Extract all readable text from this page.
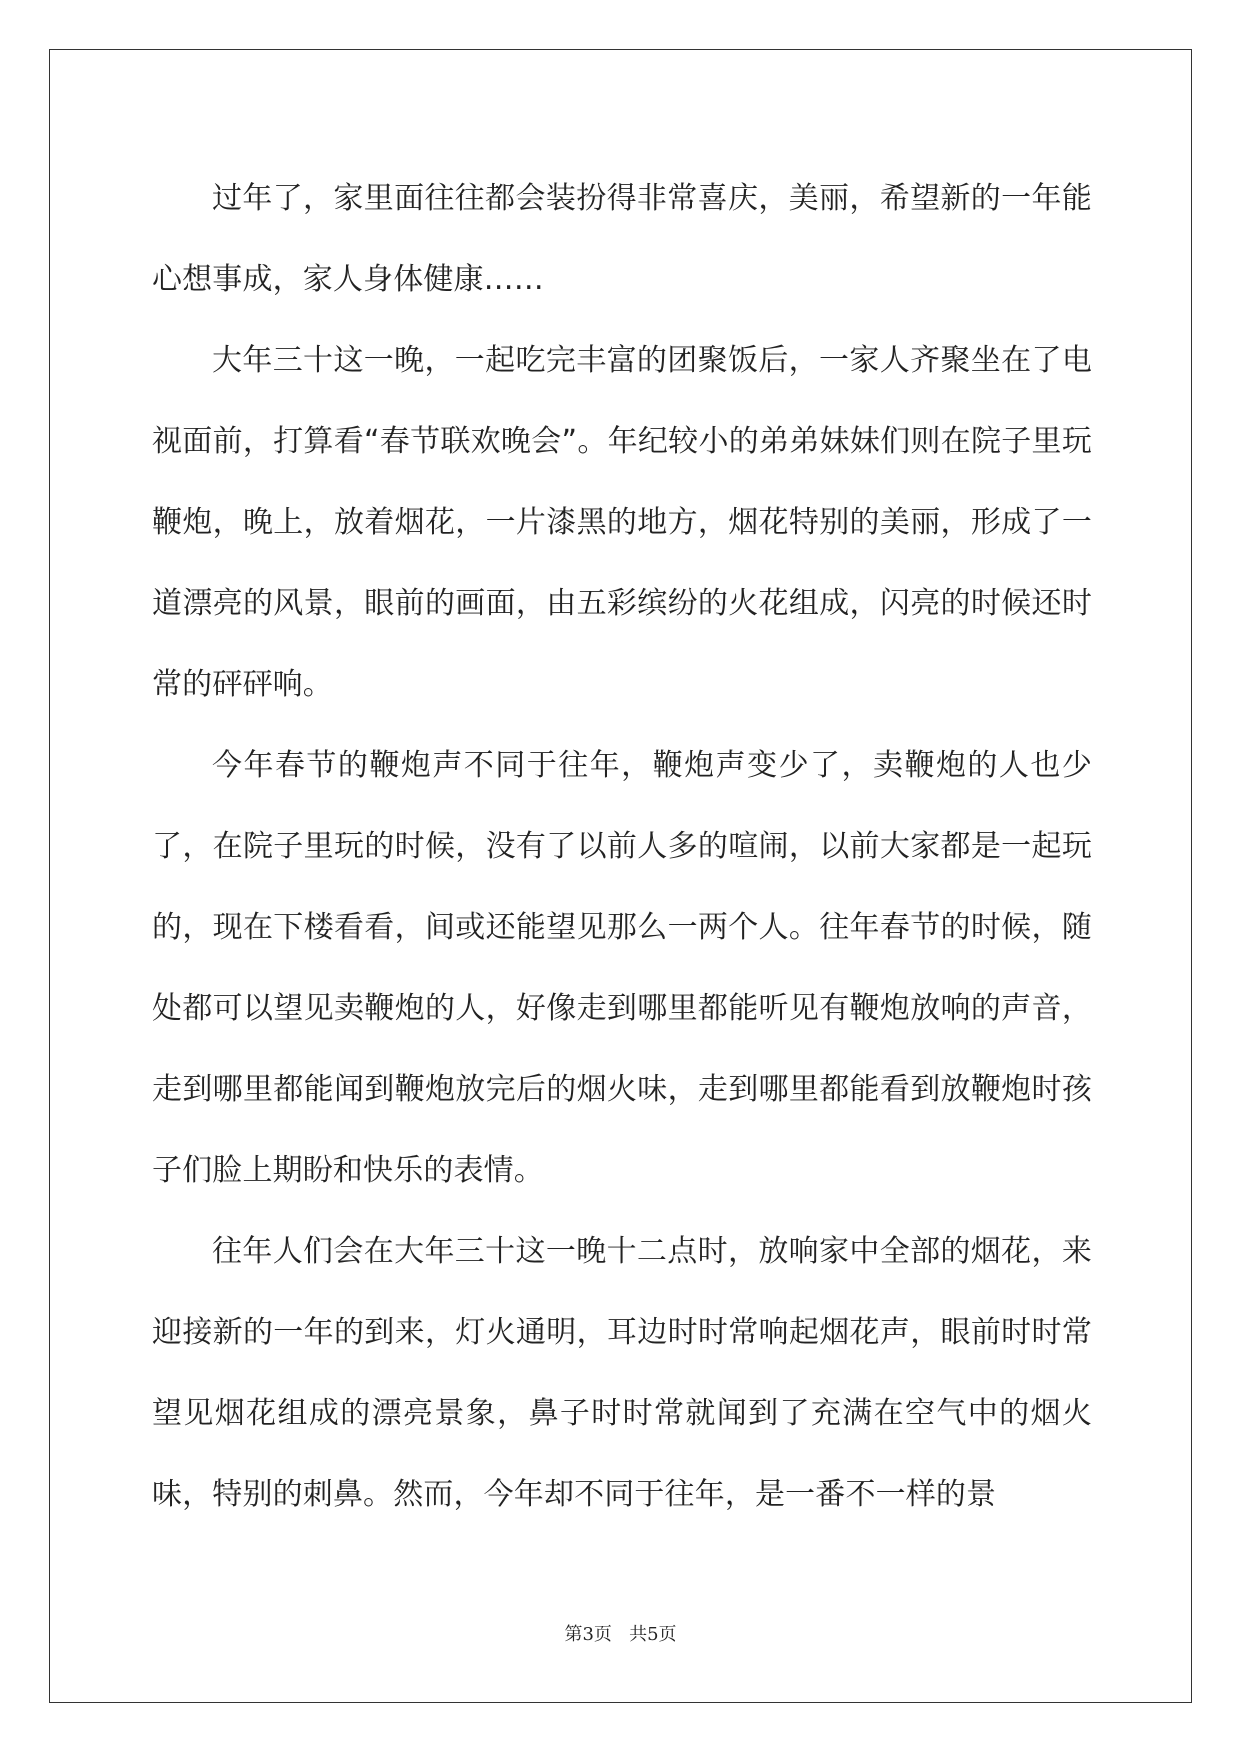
过年了，家里面往往都会装扮得非常喜庆，美丽，希望新的一年能心想事成，家人身体健康……

大年三十这一晚，一起吃完丰富的团聚饭后，一家人齐聚坐在了电视面前，打算看“春节联欢晚会”。年纪较小的弟弟妹妹们则在院子里玩鞭炮，晚上，放着烟花，一片漆黑的地方，烟花特别的美丽，形成了一道漂亮的风景，眼前的画面，由五彩缤纷的火花组成，闪亮的时候还时常的砰砰响。

今年春节的鞭炮声不同于往年，鞭炮声变少了，卖鞭炮的人也少了，在院子里玩的时候，没有了以前人多的喧闹，以前大家都是一起玩的，现在下楼看看，间或还能望见那么一两个人。往年春节的时候，随处都可以望见卖鞭炮的人，好像走到哪里都能听见有鞭炮放响的声音，走到哪里都能闻到鞭炮放完后的烟火味，走到哪里都能看到放鞭炮时孩子们脸上期盼和快乐的表情。

往年人们会在大年三十这一晚十二点时，放响家中全部的烟花，来迎接新的一年的到来，灯火通明，耳边时时常响起烟花声，眼前时时常望见烟花组成的漂亮景象，鼻子时时常就闻到了充满在空气中的烟火味，特别的刺鼻。然而，今年却不同于往年，是一番不一样的景

第3页 共5页
